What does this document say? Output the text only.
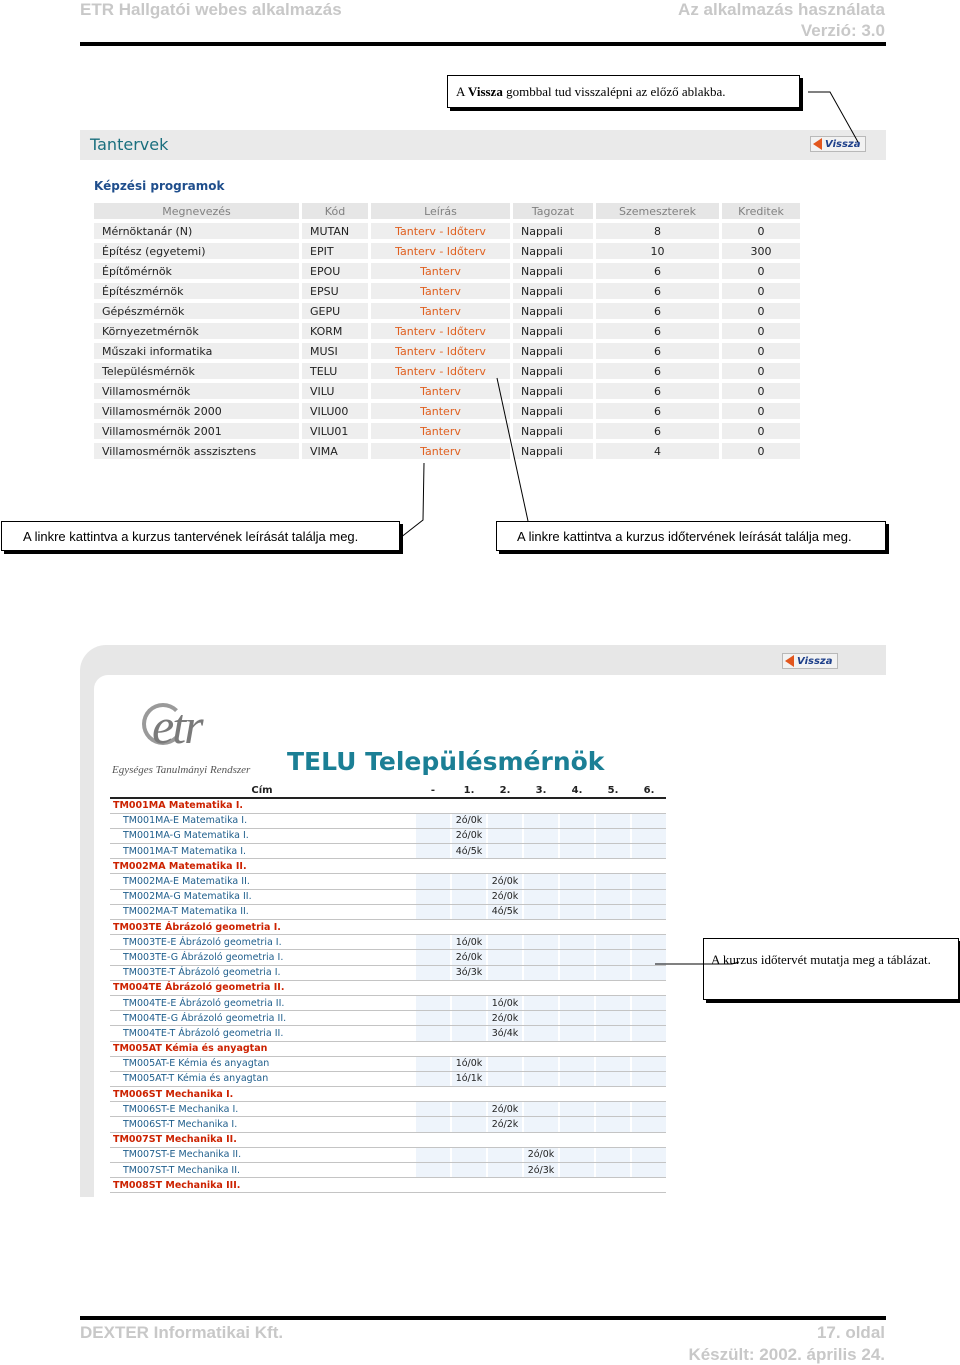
ETR Hallgatói webes alkalmazás	Az alkalmazás használata
Verzió: 3.0
A Vissza gombbal tud visszalépni az előző ablakba.
Tantervek	Vissza
Képzési programok
Megnevezés	Kód	Leírás	Tagozat	Szemeszterek	Kreditek
Mérnöktanár (N)	MUTAN	Tanterv - Időterv	Nappali	8	0
Építész (egyetemi)	EPIT	Tanterv - Időterv	Nappali	10	300
Építőmérnök	EPOU	Tanterv	Nappali	6	0
Építészmérnök	EPSU	Tanterv	Nappali	6	0
Gépészmérnök	GEPU	Tanterv	Nappali	6	0
Környezetmérnök	KORM	Tanterv - Időterv	Nappali	6	0
Műszaki informatika	MUSI	Tanterv - Időterv	Nappali	6	0
Településmérnök	TELU	Tanterv - Időterv	Nappali	6	0
Villamosmérnök	VILU	Tanterv	Nappali	6	0
Villamosmérnök 2000	VILU00	Tanterv	Nappali	6	0
Villamosmérnök 2001	VILU01	Tanterv	Nappali	6	0
Villamosmérnök asszisztens	VIMA	Tanterv	Nappali	4	0
A linkre kattintva a kurzus tantervének leírását találja meg.	A linkre kattintva a kurzus időtervének leírását találja meg.
Vissza
etr
Egységes Tanulmányi Rendszer TELU Településmérnök
Cím		-		1.		2.		3.		4.		5.		6.
TM001MA Matematika I.														
TM001MA-E Matematika I.				2ó/0k										
TM001MA-G Matematika I.				2ó/0k										
TM001MA-T Matematika I.				4ó/5k										
TM002MA Matematika II.														
TM002MA-E Matematika II.						2ó/0k								
TM002MA-G Matematika II.						2ó/0k								
TM002MA-T Matematika II.						4ó/5k								
TM003TE Ábrázoló geometria I.														
TM003TE-E Ábrázoló geometria I.				1ó/0k										
TM003TE-G Ábrázoló geometria I.				2ó/0k										
TM003TE-T Ábrázoló geometria I.				3ó/3k										
TM004TE Ábrázoló geometria II.														
TM004TE-E Ábrázoló geometria II.						1ó/0k								
TM004TE-G Ábrázoló geometria II.						2ó/0k								
TM004TE-T Ábrázoló geometria II.						3ó/4k								
TM005AT Kémia és anyagtan														
TM005AT-E Kémia és anyagtan				1ó/0k										
TM005AT-T Kémia és anyagtan				1ó/1k										
TM006ST Mechanika I.														
TM006ST-E Mechanika I.						2ó/0k								
TM006ST-T Mechanika I.						2ó/2k								
TM007ST Mechanika II.														
TM007ST-E Mechanika II.								2ó/0k						
TM007ST-T Mechanika II.								2ó/3k						
TM008ST Mechanika III.														
A kurzus időtervét mutatja meg a táblázat.
DEXTER Informatikai Kft.	17. oldal
Készült: 2002. április 24.
